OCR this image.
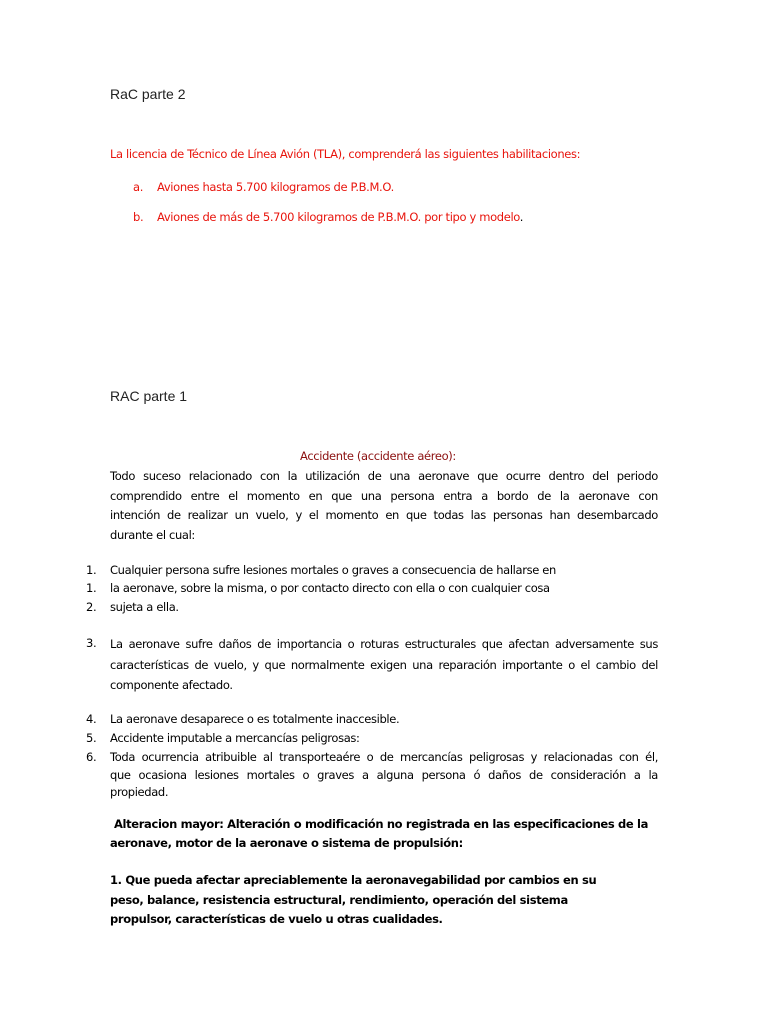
RaC parte 2
La licencia de Técnico de Línea Avión (TLA), comprenderá las siguientes habilitaciones:
a. Aviones hasta 5.700 kilogramos de P.B.M.O.
b. Aviones de más de 5.700 kilogramos de P.B.M.O. por tipo y modelo.
RAC parte 1
Accidente (accidente aéreo):
Todo suceso relacionado con la utilización de una aeronave que ocurre dentro del periodo
comprendido entre el momento en que una persona entra a bordo de la aeronave con
intención de realizar un vuelo, y el momento en que todas las personas han desembarcado
durante el cual:
1. Cualquier persona sufre lesiones mortales o graves a consecuencia de hallarse en
1. la aeronave, sobre la misma, o por contacto directo con ella o con cualquier cosa
2. sujeta a ella.
3. La aeronave sufre daños de importancia o roturas estructurales que afectan adversamente sus
características de vuelo, y que normalmente exigen una reparación importante o el cambio del
componente afectado.
4. La aeronave desaparece o es totalmente inaccesible.
5. Accidente imputable a mercancías peligrosas:
6. Toda ocurrencia atribuible al transporteaére o de mercancías peligrosas y relacionadas con él,
que ocasiona lesiones mortales o graves a alguna persona ó daños de consideración a la
propiedad.
Alteracion mayor: Alteración o modificación no registrada en las especificaciones de la
aeronave, motor de la aeronave o sistema de propulsión:
1. Que pueda afectar apreciablemente la aeronavegabilidad por cambios en su
peso, balance, resistencia estructural, rendimiento, operación del sistema
propulsor, características de vuelo u otras cualidades.
